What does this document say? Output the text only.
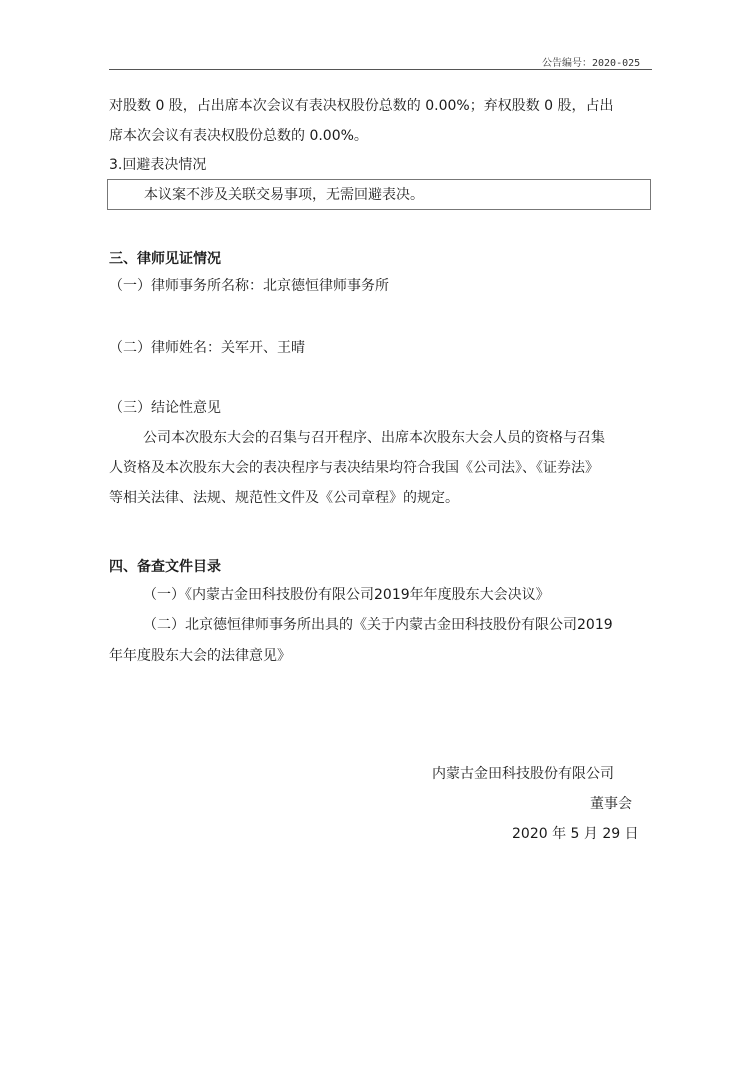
公告编号：2020-025
对股数 0 股，占出席本次会议有表决权股份总数的 0.00%；弃权股数 0 股，占出
席本次会议有表决权股份总数的 0.00%。
3.回避表决情况
本议案不涉及关联交易事项，无需回避表决。
三、律师见证情况
（一）律师事务所名称：北京德恒律师事务所
（二）律师姓名：关军开、王晴
（三）结论性意见
公司本次股东大会的召集与召开程序、出席本次股东大会人员的资格与召集
人资格及本次股东大会的表决程序与表决结果均符合我国《公司法》、《证券法》
等相关法律、法规、规范性文件及《公司章程》的规定。
四、备查文件目录
（一）《内蒙古金田科技股份有限公司2019年年度股东大会决议》
（二）北京德恒律师事务所出具的《关于内蒙古金田科技股份有限公司2019
年年度股东大会的法律意见》
内蒙古金田科技股份有限公司
董事会
2020 年 5 月 29 日
